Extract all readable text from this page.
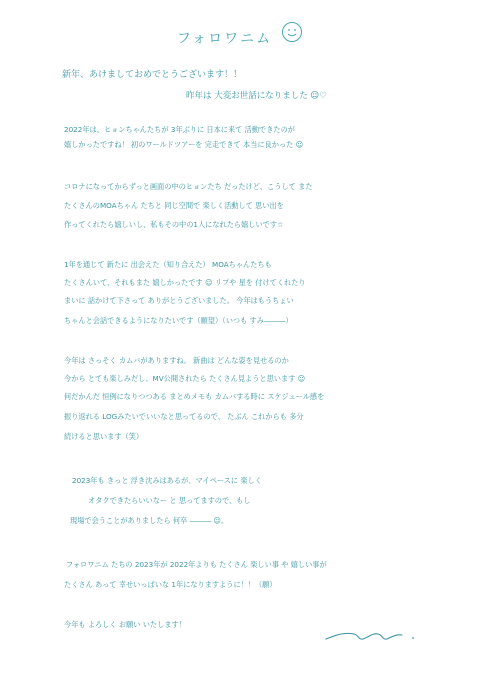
フォロワニム
新年、あけましておめでとうございます！！
昨年は 大変お世話になりました ☺♡
2022年は、ヒョンちゃんたちが 3年ぶりに 日本に来て 活動できたのが
嬉しかったですね！ 初のワールドツアーを 完走できて 本当に良かった ☺
コロナになってからずっと画面の中のヒョンたち だったけど、こうして また
たくさんのMOAちゃん たちと 同じ空間で 楽しく活動して 思い出を
作ってくれたら嬉しいし、私もその中の1人になれたら嬉しいです☆
1年を通じて 新たに 出会えた（知り合えた） MOAちゃんたちも
たくさんいて、それもまた 嬉しかったです ☺ リプや 星を 付けてくれたり
まいに 話かけて下さって ありがとうございました。 今年はもうちょい
ちゃんと会話できるようになりたいです（願望）（いつも すみ―――）
今年は さっそく カムバがありますね。 新曲は どんな姿を見せるのか
今から とても楽しみだし、MV公開されたら たくさん見ようと思います ☺
何だかんだ 恒例になりつつある まとめメモも カムバする時に スケジュール感を
振り返れる LOGみたいでいいなと思ってるので、 たぶん これからも 多分
続けると思います（笑）
2023年も きっと 浮き沈みはあるが、マイペースに 楽しく
オタクできたらいいなー と 思ってますので、もし
現場で会うことがありましたら 何卒 ――― ☺。
フォロワニム たちの 2023年が 2022年よりも たくさん 楽しい事 や 嬉しい事が
たくさん あって 幸せいっぱいな 1年になりますように！！（願）
今年も よろしく お願い いたします！
